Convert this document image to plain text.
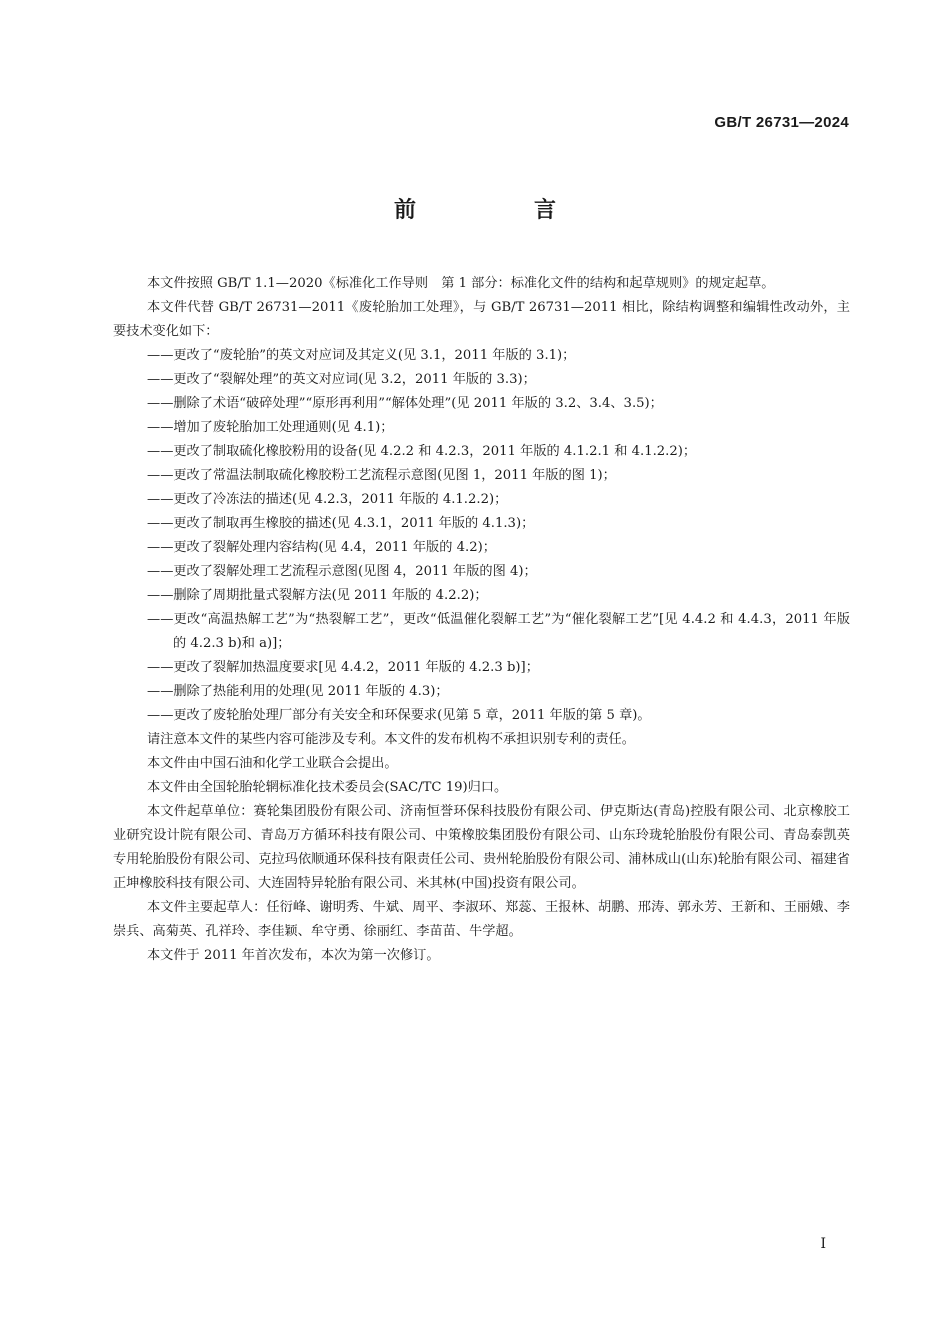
GB/T 26731—2024

前　言

本文件按照 GB/T 1.1—2020《标准化工作导则　第 1 部分：标准化文件的结构和起草规则》的规定起草。

本文件代替 GB/T 26731—2011《废轮胎加工处理》，与 GB/T 26731—2011 相比，除结构调整和编辑性改动外，主要技术变化如下：

——更改了“废轮胎”的英文对应词及其定义(见 3.1，2011 年版的 3.1)；
——更改了“裂解处理”的英文对应词(见 3.2，2011 年版的 3.3)；
——删除了术语“破碎处理”“原形再利用”“解体处理”(见 2011 年版的 3.2、3.4、3.5)；
——增加了废轮胎加工处理通则(见 4.1)；
——更改了制取硫化橡胶粉用的设备(见 4.2.2 和 4.2.3，2011 年版的 4.1.2.1 和 4.1.2.2)；
——更改了常温法制取硫化橡胶粉工艺流程示意图(见图 1，2011 年版的图 1)；
——更改了冷冻法的描述(见 4.2.3，2011 年版的 4.1.2.2)；
——更改了制取再生橡胶的描述(见 4.3.1，2011 年版的 4.1.3)；
——更改了裂解处理内容结构(见 4.4，2011 年版的 4.2)；
——更改了裂解处理工艺流程示意图(见图 4，2011 年版的图 4)；
——删除了周期批量式裂解方法(见 2011 年版的 4.2.2)；
——更改“高温热解工艺”为“热裂解工艺”，更改“低温催化裂解工艺”为“催化裂解工艺”[见 4.4.2 和 4.4.3，2011 年版的 4.2.3 b)和 a)]；
——更改了裂解加热温度要求[见 4.4.2，2011 年版的 4.2.3 b)]；
——删除了热能利用的处理(见 2011 年版的 4.3)；
——更改了废轮胎处理厂部分有关安全和环保要求(见第 5 章，2011 年版的第 5 章)。

请注意本文件的某些内容可能涉及专利。本文件的发布机构不承担识别专利的责任。

本文件由中国石油和化学工业联合会提出。

本文件由全国轮胎轮辋标准化技术委员会(SAC/TC 19)归口。

本文件起草单位：赛轮集团股份有限公司、济南恒誉环保科技股份有限公司、伊克斯达(青岛)控股有限公司、北京橡胶工业研究设计院有限公司、青岛万方循环科技有限公司、中策橡胶集团股份有限公司、山东玲珑轮胎股份有限公司、青岛泰凯英专用轮胎股份有限公司、克拉玛依顺通环保科技有限责任公司、贵州轮胎股份有限公司、浦林成山(山东)轮胎有限公司、福建省正坤橡胶科技有限公司、大连固特异轮胎有限公司、米其林(中国)投资有限公司。

本文件主要起草人：任衍峰、谢明秀、牛斌、周平、李淑环、郑蕊、王报林、胡鹏、邢涛、郭永芳、王新和、王丽娥、李崇兵、高菊英、孔祥玲、李佳颖、牟守勇、徐丽红、李苗苗、牛学超。

本文件于 2011 年首次发布，本次为第一次修订。

Ⅰ
